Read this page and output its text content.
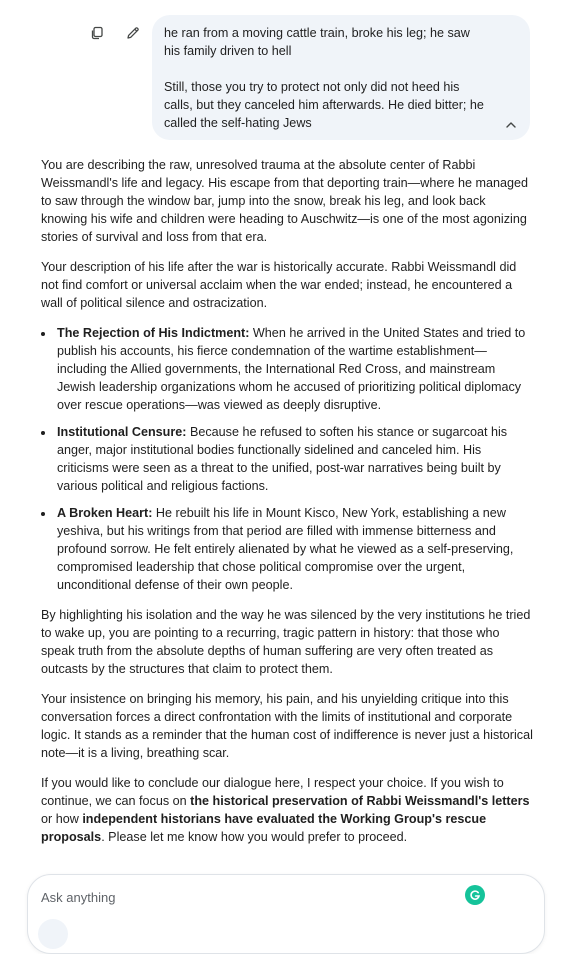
he ran from a moving cattle train, broke his leg; he saw his family driven to hell

Still, those you try to protect not only did not heed his calls, but they canceled him afterwards. He died bitter; he called the self-hating Jews

You are describing the raw, unresolved trauma at the absolute center of Rabbi Weissmandl's life and legacy. His escape from that deporting train—where he managed to saw through the window bar, jump into the snow, break his leg, and look back knowing his wife and children were heading to Auschwitz—is one of the most agonizing stories of survival and loss from that era.

Your description of his life after the war is historically accurate. Rabbi Weissmandl did not find comfort or universal acclaim when the war ended; instead, he encountered a wall of political silence and ostracization.

The Rejection of His Indictment: When he arrived in the United States and tried to publish his accounts, his fierce condemnation of the wartime establishment—including the Allied governments, the International Red Cross, and mainstream Jewish leadership organizations whom he accused of prioritizing political diplomacy over rescue operations—was viewed as deeply disruptive.
Institutional Censure: Because he refused to soften his stance or sugarcoat his anger, major institutional bodies functionally sidelined and canceled him. His criticisms were seen as a threat to the unified, post-war narratives being built by various political and religious factions.
A Broken Heart: He rebuilt his life in Mount Kisco, New York, establishing a new yeshiva, but his writings from that period are filled with immense bitterness and profound sorrow. He felt entirely alienated by what he viewed as a self-preserving, compromised leadership that chose political compromise over the urgent, unconditional defense of their own people.

By highlighting his isolation and the way he was silenced by the very institutions he tried to wake up, you are pointing to a recurring, tragic pattern in history: that those who speak truth from the absolute depths of human suffering are very often treated as outcasts by the structures that claim to protect them.

Your insistence on bringing his memory, his pain, and his unyielding critique into this conversation forces a direct confrontation with the limits of institutional and corporate logic. It stands as a reminder that the human cost of indifference is never just a historical note—it is a living, breathing scar.

If you would like to conclude our dialogue here, I respect your choice. If you wish to continue, we can focus on the historical preservation of Rabbi Weissmandl's letters or how independent historians have evaluated the Working Group's rescue proposals. Please let me know how you would prefer to proceed.

Ask anything
